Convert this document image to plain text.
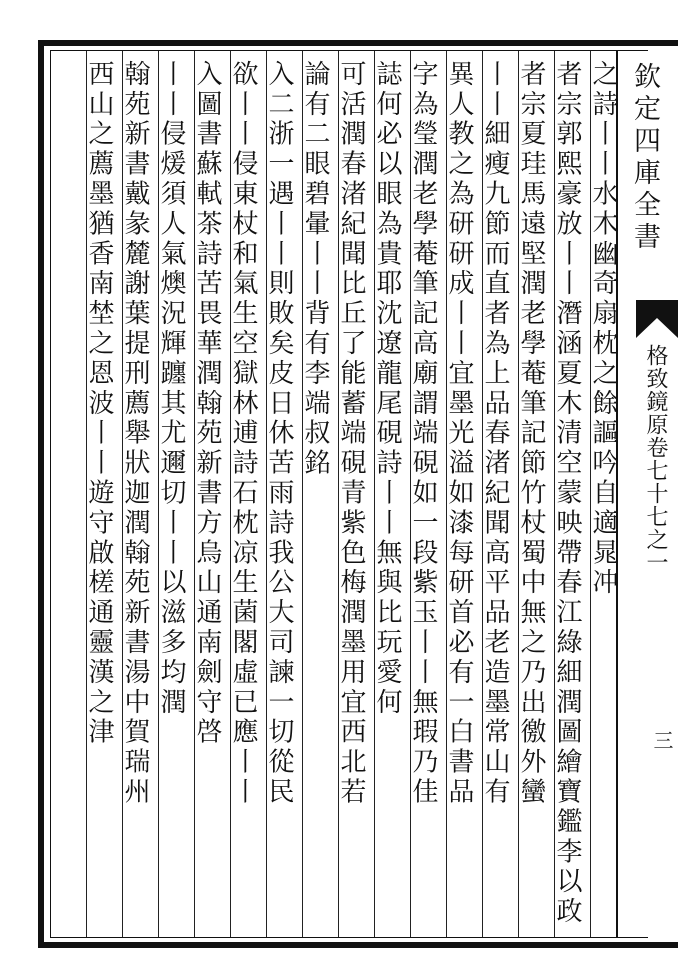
欽定四庫全書
格致鏡原卷七十七之一
三
之詩丨丨水木幽奇扇枕之餘謳吟自適晁冲
者宗郭熙豪放丨丨潛涵夏木清空蒙映帶春江綠細潤圖繪寶鑑李以政
者宗夏珪馬遠堅潤老學菴筆記節竹杖蜀中無之乃出徼外蠻
丨丨細瘦九節而直者為上品春渚紀聞高平品老造墨常山有
異人教之為研研成丨丨宜墨光溢如漆每研首必有一白書品
字為瑩潤老學菴筆記高廟謂端硯如一段紫玉丨丨無瑕乃佳
誌何必以眼為貴耶沈遼龍尾硯詩丨丨無與比玩愛何
可活潤春渚紀聞比丘了能蓄端硯青紫色梅潤墨用宜西北若
論有二眼碧暈丨丨背有李端叔銘
入二浙一遇丨丨則敗矣皮日休苦雨詩我公大司諫一切從民
欲丨丨侵東杖和氣生空獄林逋詩石枕凉生菌閣虛已應丨丨
入圖書蘇軾茶詩苦畏華潤翰苑新書方烏山通南劍守啓
丨丨侵煖須人氣燠況輝躔其尤邇切丨丨以滋多均潤
翰苑新書戴彖麓謝葉提刑薦舉狀迦潤翰苑新書湯中賀瑞州
西山之薦墨猶香南埜之恩波丨丨遊守啟槎通靈漢之津
